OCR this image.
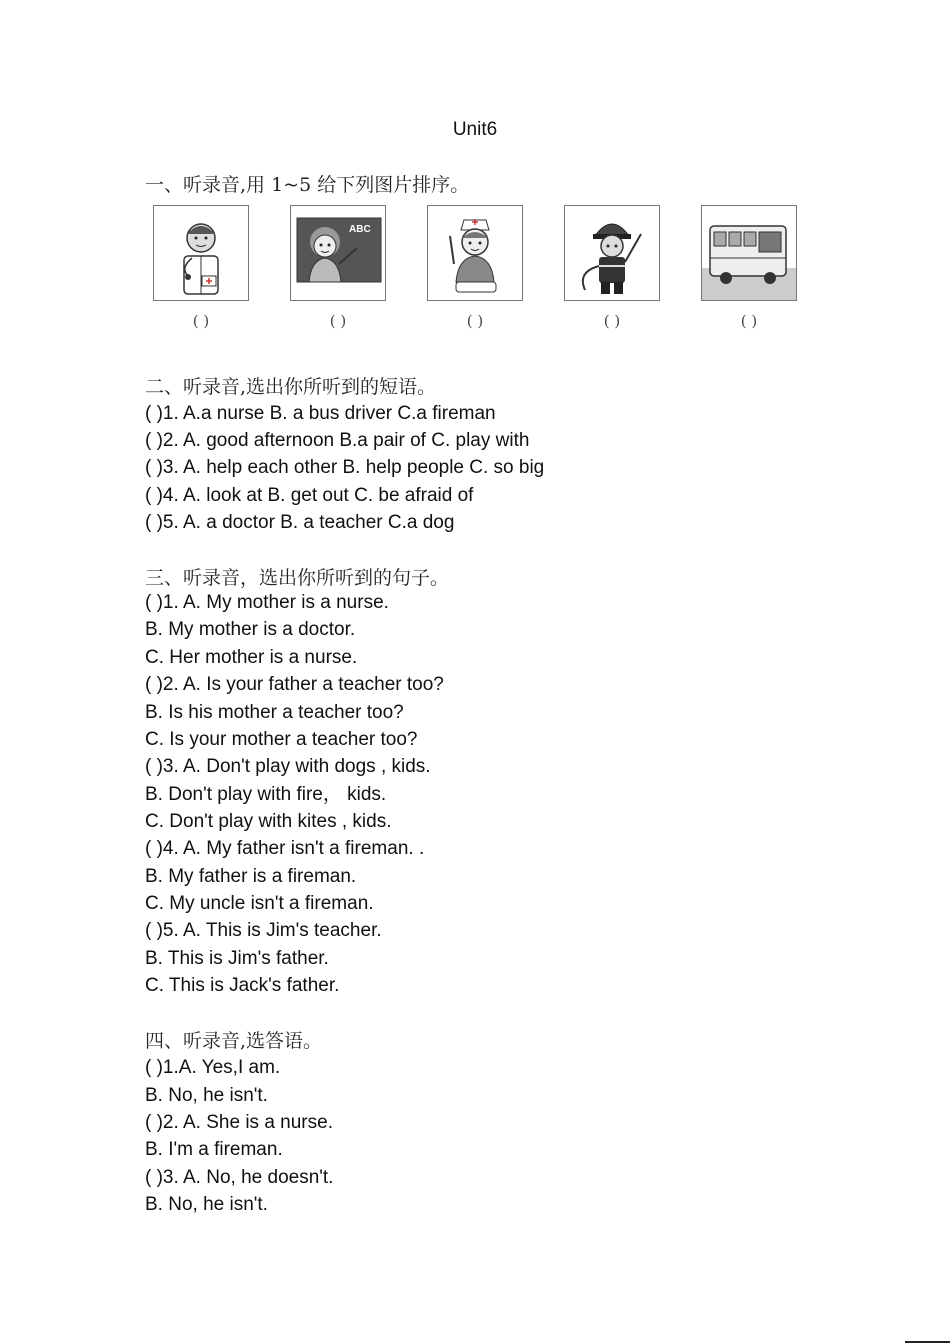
Unit6
一、听录音,用 1~5 给下列图片排序。
ABC
( )	( )	( )	( )	( )
二、听录音,选出你所听到的短语。
( )1. A.a nurse B. a bus driver C.a fireman
( )2. A. good afternoon B.a pair of C. play with
( )3. A. help each other B. help people C. so big
( )4. A. look at B. get out C. be afraid of
( )5. A. a doctor B. a teacher C.a dog
三、听录音，选出你所听到的句子。
( )1. A. My mother is a nurse.
B. My mother is a doctor.
C. Her mother is a nurse.
( )2. A. Is your father a teacher too?
B. Is his mother a teacher too?
C. Is your mother a teacher too?
( )3. A. Don't play with dogs , kids.
B. Don't play with fire， kids.
C. Don't play with kites , kids.
( )4. A. My father isn't a fireman. .
B. My father is a fireman.
C. My uncle isn't a fireman.
( )5. A. This is Jim's teacher.
B. This is Jim's father.
C. This is Jack's father.
四、听录音,选答语。
( )1.A. Yes,I am.
B. No, he isn't.
( )2. A. She is a nurse.
B. I'm a fireman.
( )3. A. No, he doesn't.
B. No, he isn't.
